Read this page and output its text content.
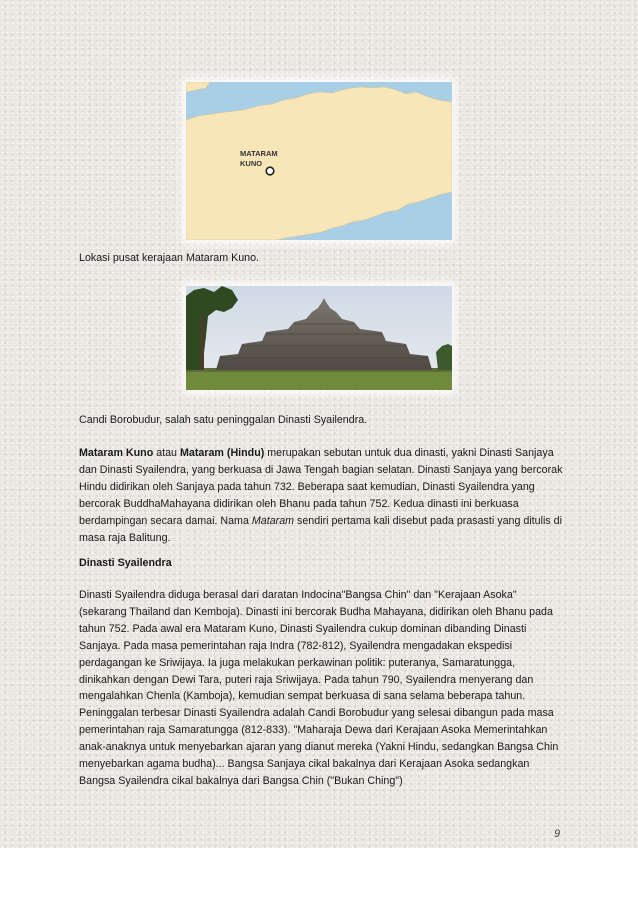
MATARAM
KUNO

Lokasi pusat kerajaan Mataram Kuno.

Candi Borobudur, salah satu peninggalan Dinasti Syailendra.

Mataram Kuno atau Mataram (Hindu) merupakan sebutan untuk dua dinasti, yakni Dinasti Sanjaya dan Dinasti Syailendra, yang berkuasa di Jawa Tengah bagian selatan. Dinasti Sanjaya yang bercorak Hindu didirikan oleh Sanjaya pada tahun 732. Beberapa saat kemudian, Dinasti Syailendra yang bercorak BuddhaMahayana didirikan oleh Bhanu pada tahun 752. Kedua dinasti ini berkuasa berdampingan secara damai. Nama Mataram sendiri pertama kali disebut pada prasasti yang ditulis di masa raja Balitung.

Dinasti Syailendra

Dinasti Syailendra diduga berasal dari daratan Indocina"Bangsa Chin" dan "Kerajaan Asoka" (sekarang Thailand dan Kemboja). Dinasti ini bercorak Budha Mahayana, didirikan oleh Bhanu pada tahun 752. Pada awal era Mataram Kuno, Dinasti Syailendra cukup dominan dibanding Dinasti Sanjaya. Pada masa pemerintahan raja Indra (782-812), Syailendra mengadakan ekspedisi perdagangan ke Sriwijaya. Ia juga melakukan perkawinan politik: puteranya, Samaratungga, dinikahkan dengan Dewi Tara, puteri raja Sriwijaya. Pada tahun 790, Syailendra menyerang dan mengalahkan Chenla (Kamboja), kemudian sempat berkuasa di sana selama beberapa tahun. Peninggalan terbesar Dinasti Syailendra adalah Candi Borobudur yang selesai dibangun pada masa pemerintahan raja Samaratungga (812-833). "Maharaja Dewa dari Kerajaan Asoka Memerintahkan anak-anaknya untuk menyebarkan ajaran yang dianut mereka (Yakni Hindu, sedangkan Bangsa Chin menyebarkan agama budha)... Bangsa Sanjaya cikal bakalnya dari Kerajaan Asoka sedangkan Bangsa Syailendra cikal bakalnya dari Bangsa Chin ("Bukan Ching")

9
